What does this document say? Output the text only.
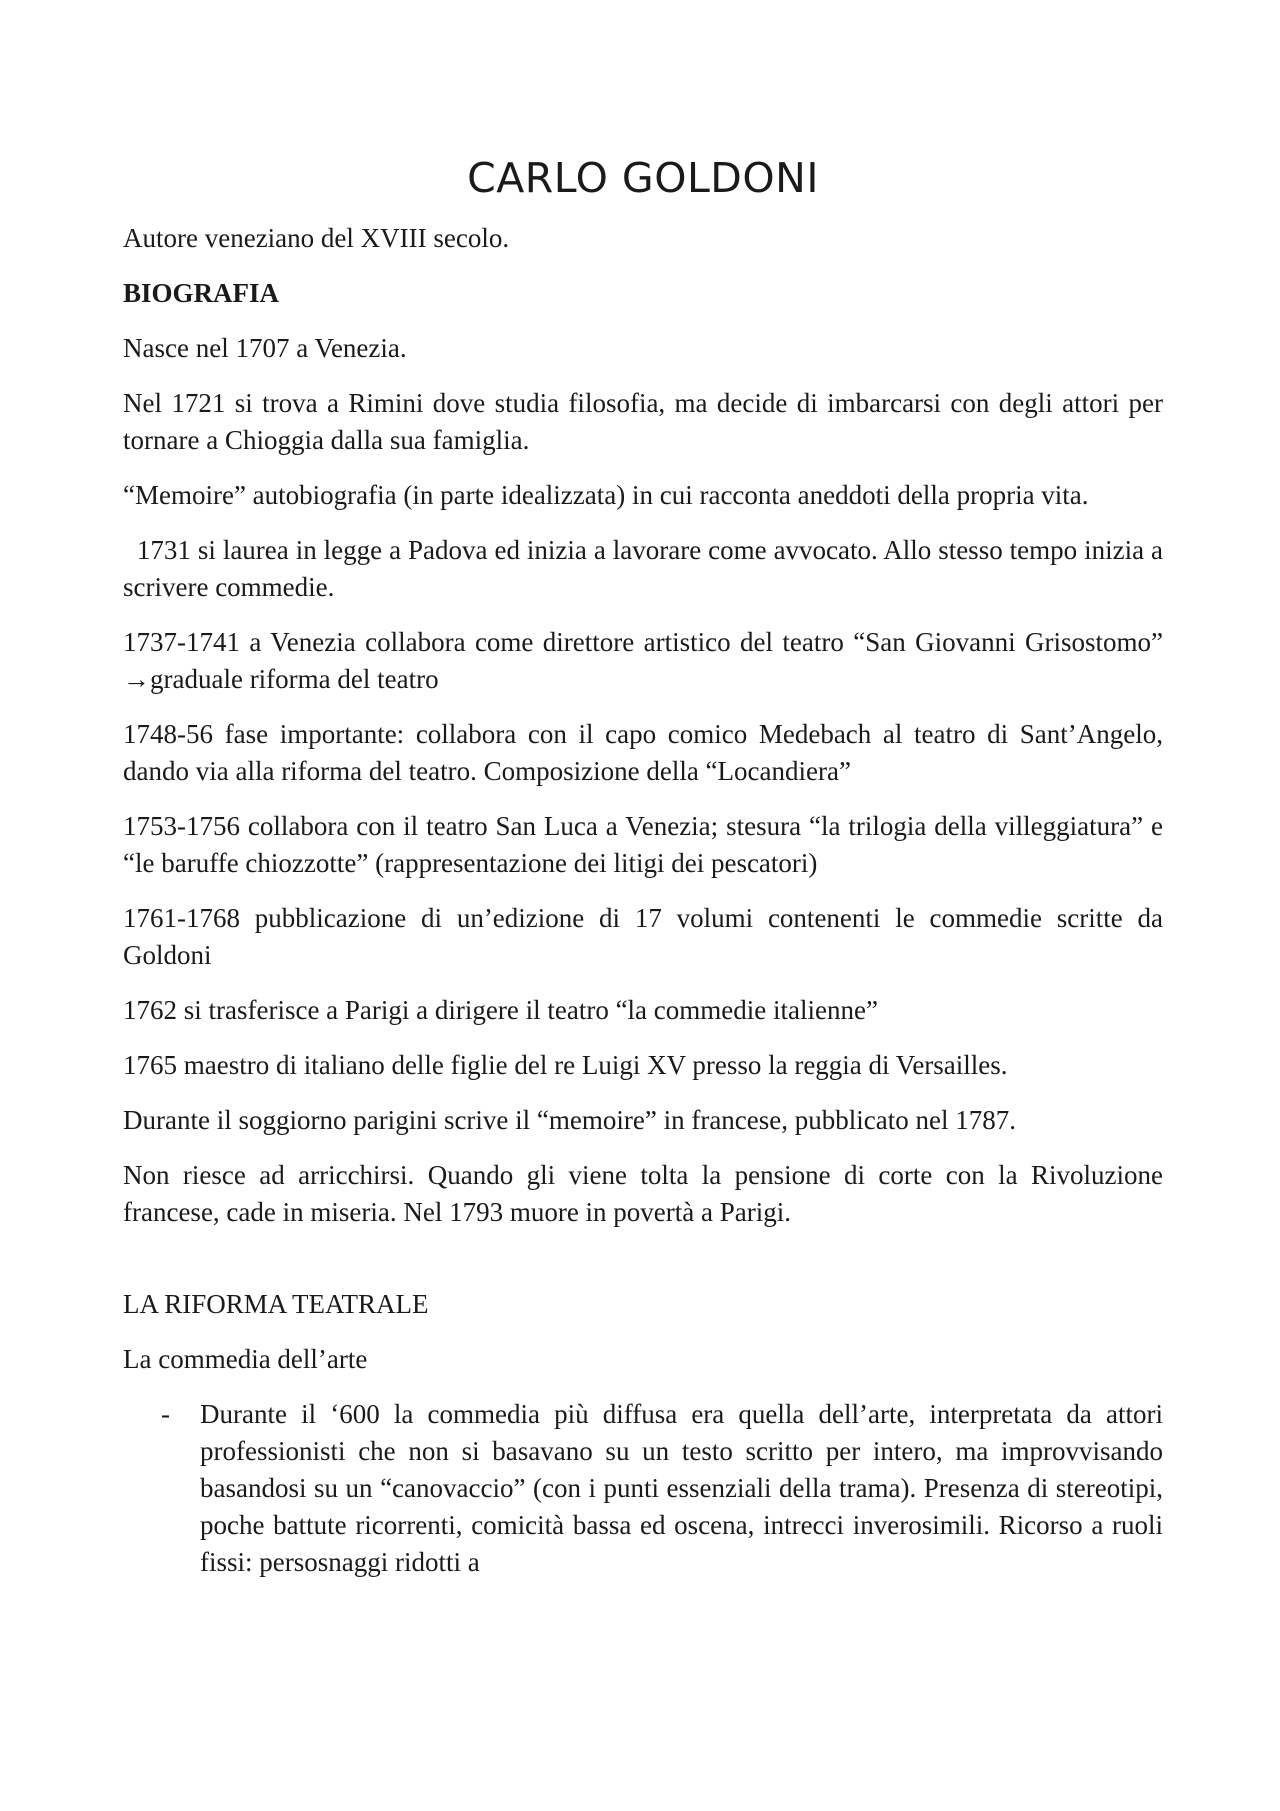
CARLO GOLDONI

Autore veneziano del XVIII secolo.

BIOGRAFIA

Nasce nel 1707 a Venezia.

Nel 1721 si trova a Rimini dove studia filosofia, ma decide di imbarcarsi con degli attori per tornare a Chioggia dalla sua famiglia.

“Memoire” autobiografia (in parte idealizzata) in cui racconta aneddoti della propria vita.

1731 si laurea in legge a Padova ed inizia a lavorare come avvocato. Allo stesso tempo inizia a scrivere commedie.

1737-1741 a Venezia collabora come direttore artistico del teatro “San Giovanni Grisostomo” →graduale riforma del teatro

1748-56 fase importante: collabora con il capo comico Medebach al teatro di Sant’Angelo, dando via alla riforma del teatro. Composizione della “Locandiera”

1753-1756 collabora con il teatro San Luca a Venezia; stesura “la trilogia della villeggiatura” e “le baruffe chiozzotte” (rappresentazione dei litigi dei pescatori)

1761-1768 pubblicazione di un’edizione di 17 volumi contenenti le commedie scritte da Goldoni

1762 si trasferisce a Parigi a dirigere il teatro “la commedie italienne”

1765 maestro di italiano delle figlie del re Luigi XV presso la reggia di Versailles.

Durante il soggiorno parigini scrive il “memoire” in francese, pubblicato nel 1787.

Non riesce ad arricchirsi. Quando gli viene tolta la pensione di corte con la Rivoluzione francese, cade in miseria. Nel 1793 muore in povertà a Parigi.

LA RIFORMA TEATRALE

La commedia dell’arte

- Durante il ‘600 la commedia più diffusa era quella dell’arte, interpretata da attori professionisti che non si basavano su un testo scritto per intero, ma improvvisando basandosi su un “canovaccio” (con i punti essenziali della trama). Presenza di stereotipi, poche battute ricorrenti, comicità bassa ed oscena, intrecci inverosimili. Ricorso a ruoli fissi: persosnaggi ridotti a
